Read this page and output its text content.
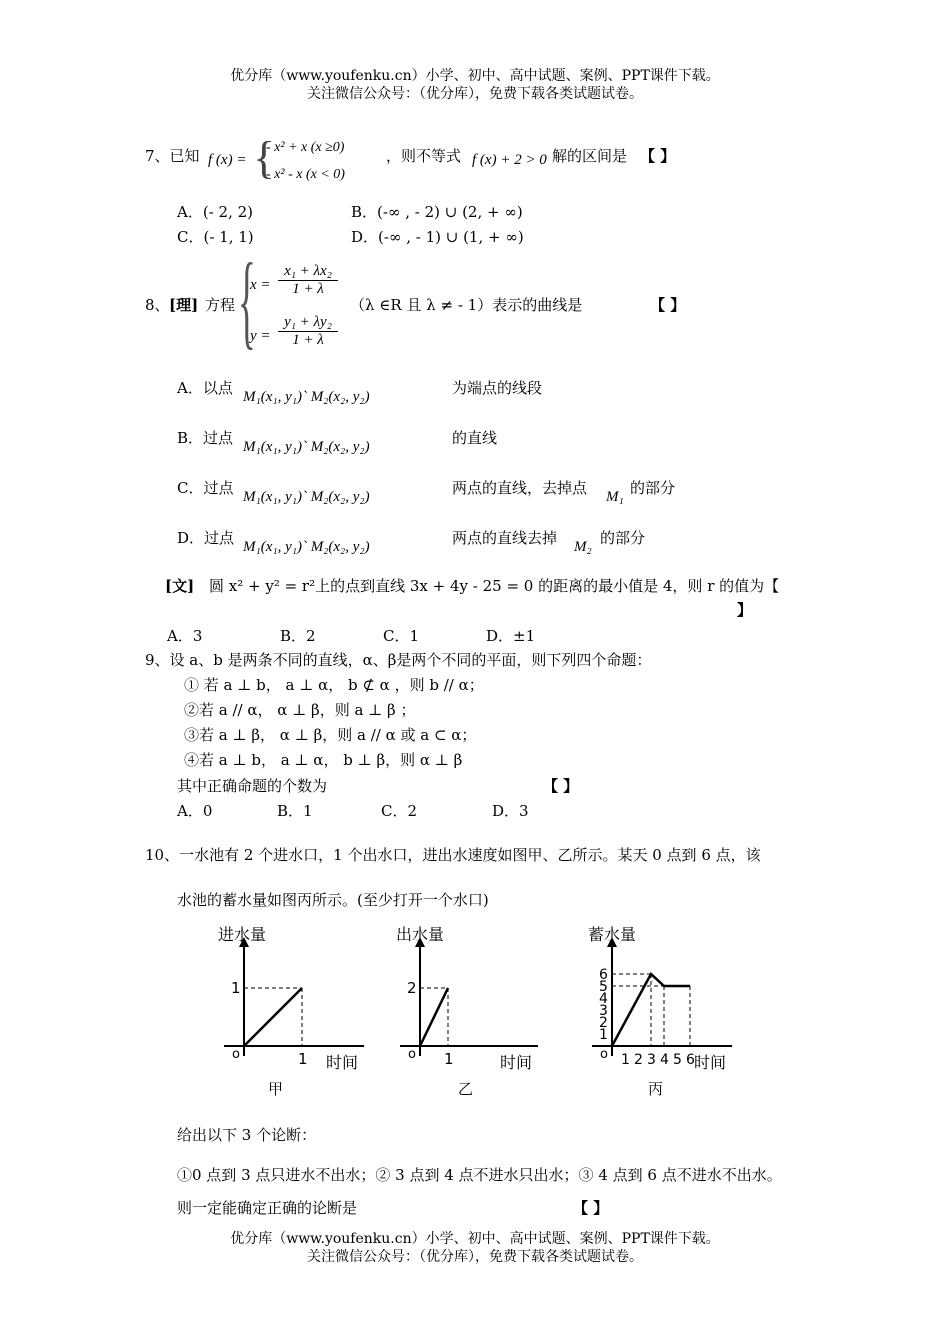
优分库（www.youfenku.cn）小学、初中、高中试题、案例、PPT课件下载。
关注微信公众号：（优分库），免费下载各类试题试卷。
7、已知 f (x) = {
- x² + x (x ≥0)
- x² - x (x < 0)
，则不等式 f (x) + 2 > 0 解的区间是 【 】
A．(- 2, 2)	B．(-∞ , - 2) ∪ (2, + ∞)
C．(- 1, 1)	D．(-∞ , - 1) ∪ (1, + ∞)
8、 [理] 方程 {
$x = \frac{\text{x₁ + λx₂}}{1 + \lambda}$
$y = \frac{\text{y₁ + λy₂}}{1 + \lambda}$
（λ ∈R 且 λ ≠ - 1）表示的曲线是	【 】
A．以点 M₁(x₁, y₁)` M₂(x₂, y₂)	为端点的线段
B．过点 M₁(x₁, y₁)` M₂(x₂, y₂)	的直线
C．过点 M₁(x₁, y₁)` M₂(x₂, y₂)	两点的直线，去掉点 M₁ 的部分
D．过点 M₁(x₁, y₁)` M₂(x₂, y₂)	两点的直线去掉 M₂ 的部分
[文] 圆 x² + y² = r²上的点到直线 3x + 4y - 25 = 0 的距离的最小值是 4，则 r 的值为【
】
A．3	B．2	C．1	D．±1
9、设 a、b 是两条不同的直线，α、β是两个不同的平面，则下列四个命题：
① 若 a ⊥ b， a ⊥ α， b ⊄ α ，则 b // α；
②若 a // α， α ⊥ β，则 a ⊥ β ；
③若 a ⊥ β， α ⊥ β，则 a // α 或 a ⊂ α；
④若 a ⊥ b， a ⊥ α， b ⊥ β，则 α ⊥ β
其中正确命题的个数为	【 】
A．0	B．1	C．2	D．3
10、一水池有 2 个进水口，1 个出水口，进出水速度如图甲、乙所示。某天 0 点到 6 点，该
水池的蓄水量如图丙所示。(至少打开一个水口)
进水量
时间
o
甲
1
1
出水量
时间
o
乙
1
2
蓄水量
时间
o
丙
1 2 3 4 5 6
1
2
3
4
5
6
给出以下 3 个论断：
①0 点到 3 点只进水不出水；② 3 点到 4 点不进水只出水；③ 4 点到 6 点不进水不出水。
则一定能确定正确的论断是	【 】
优分库（www.youfenku.cn）小学、初中、高中试题、案例、PPT课件下载。
关注微信公众号：（优分库），免费下载各类试题试卷。
